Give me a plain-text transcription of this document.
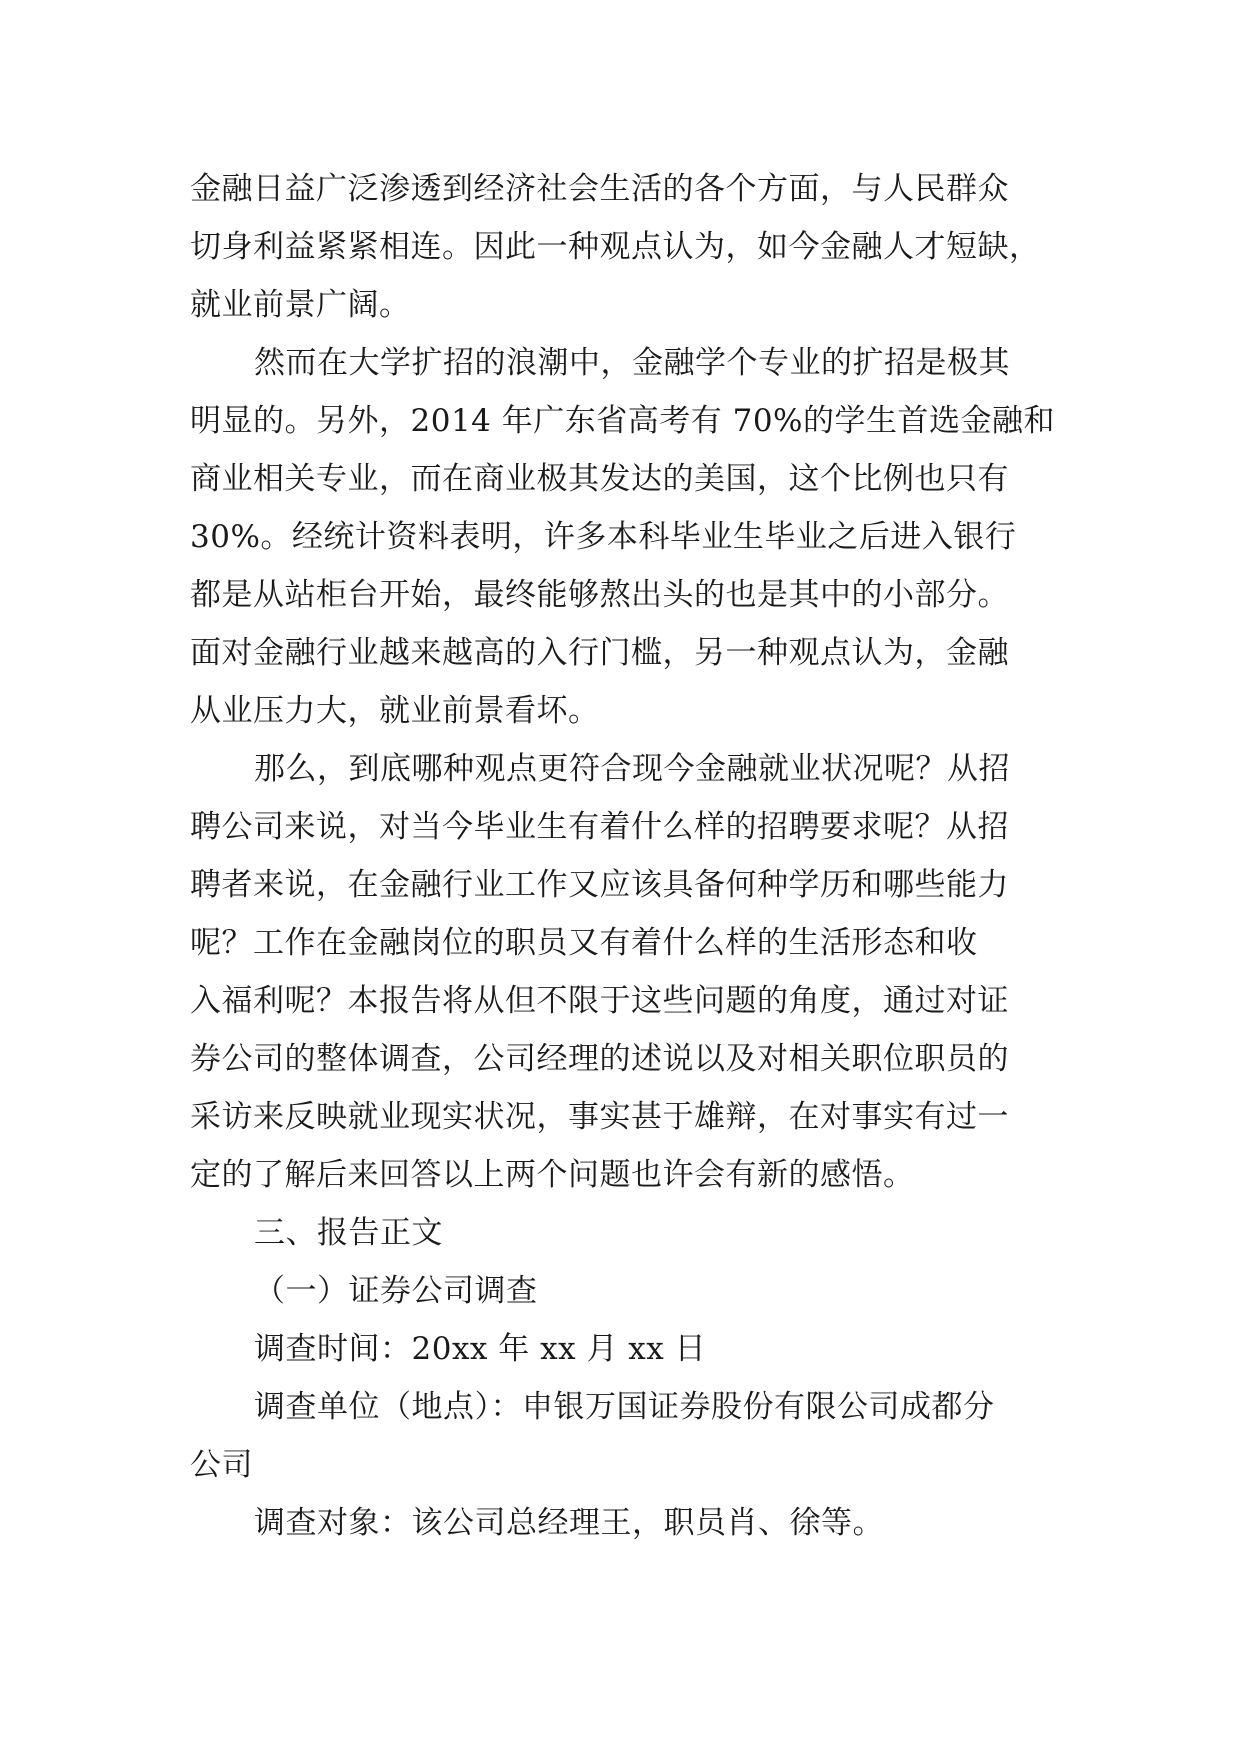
金融日益广泛渗透到经济社会生活的各个方面，与人民群众
切身利益紧紧相连。因此一种观点认为，如今金融人才短缺，
就业前景广阔。
然而在大学扩招的浪潮中，金融学个专业的扩招是极其
明显的。另外，2014 年广东省高考有 70%的学生首选金融和
商业相关专业，而在商业极其发达的美国，这个比例也只有
30%。经统计资料表明，许多本科毕业生毕业之后进入银行
都是从站柜台开始，最终能够熬出头的也是其中的小部分。
面对金融行业越来越高的入行门槛，另一种观点认为，金融
从业压力大，就业前景看坏。
那么，到底哪种观点更符合现今金融就业状况呢？从招
聘公司来说，对当今毕业生有着什么样的招聘要求呢？从招
聘者来说，在金融行业工作又应该具备何种学历和哪些能力
呢？工作在金融岗位的职员又有着什么样的生活形态和收
入福利呢？本报告将从但不限于这些问题的角度，通过对证
券公司的整体调查，公司经理的述说以及对相关职位职员的
采访来反映就业现实状况，事实甚于雄辩，在对事实有过一
定的了解后来回答以上两个问题也许会有新的感悟。
三、报告正文
（一）证券公司调查
调查时间：20xx 年 xx 月 xx 日
调查单位（地点）：申银万国证券股份有限公司成都分
公司
调查对象：该公司总经理王，职员肖、徐等。
